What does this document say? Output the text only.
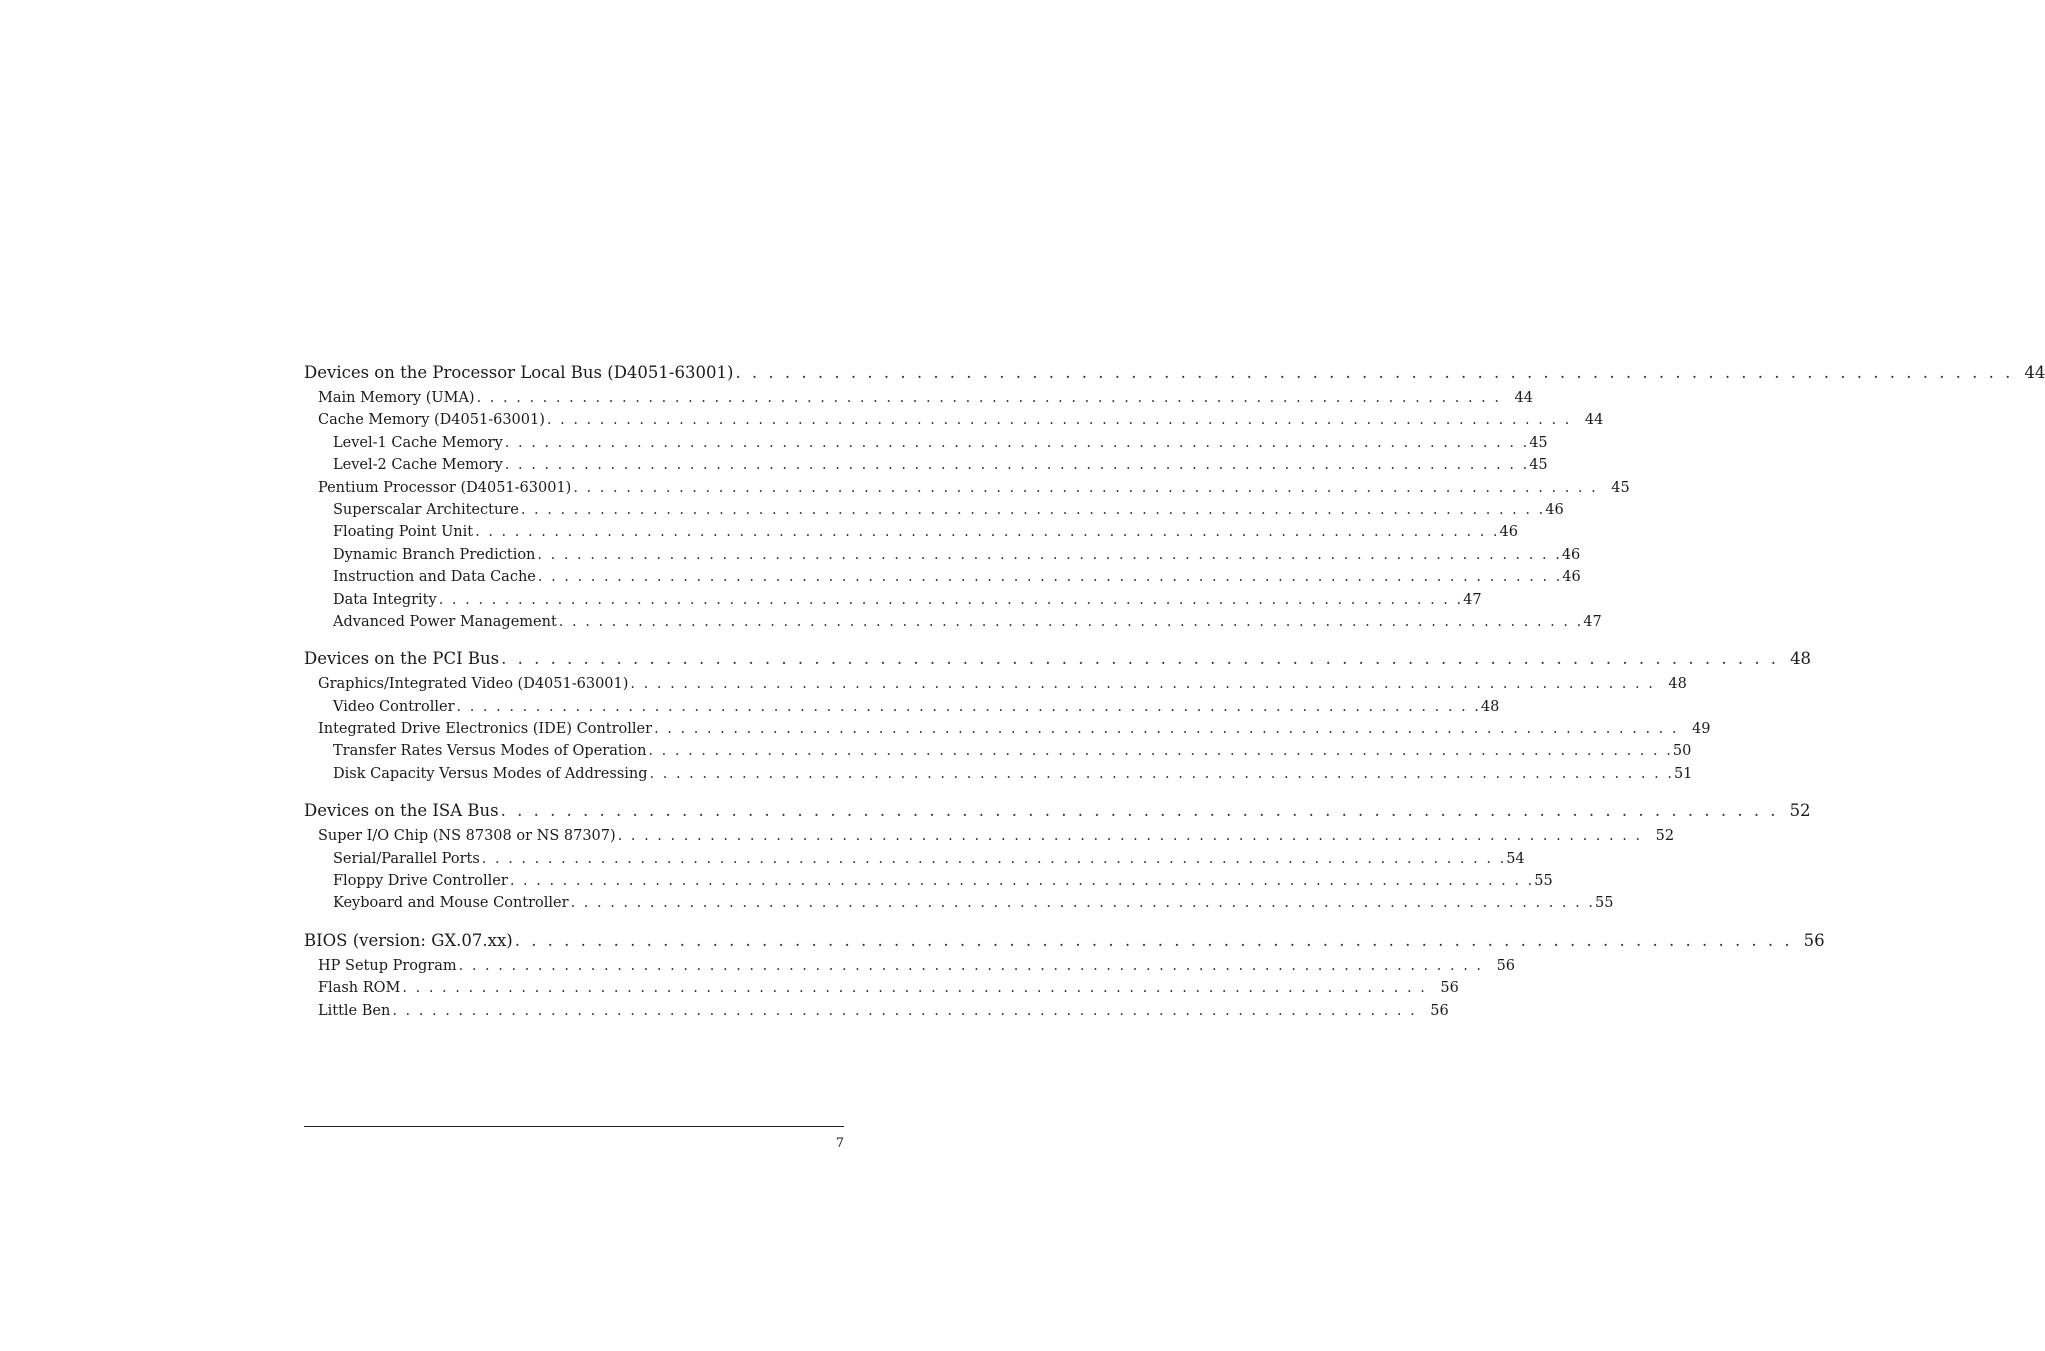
Devices on the Processor Local Bus (D4051-63001) . . . . . . . . . . . . . . . . . . . . . . . . . . . . . . . . . . . . . . . . . . . . . . . . . . . . . . . . . . . . . . . . . . . . . . . . . . . . . . 44
Main Memory (UMA) . . . . . . . . . . . . . . . . . . . . . . . . . . . . . . . . . . . . . . . . . . . . . . . . . . . . . . . . . . . . . . . . . . . . . . . . . . . . . . 44
Cache Memory (D4051-63001) . . . . . . . . . . . . . . . . . . . . . . . . . . . . . . . . . . . . . . . . . . . . . . . . . . . . . . . . . . . . . . . . . . . . . . . . . . . . . . 44
Level-1 Cache Memory . . . . . . . . . . . . . . . . . . . . . . . . . . . . . . . . . . . . . . . . . . . . . . . . . . . . . . . . . . . . . . . . . . . . . . . . . . . . . . 45
Level-2 Cache Memory . . . . . . . . . . . . . . . . . . . . . . . . . . . . . . . . . . . . . . . . . . . . . . . . . . . . . . . . . . . . . . . . . . . . . . . . . . . . . . 45
Pentium Processor (D4051-63001) . . . . . . . . . . . . . . . . . . . . . . . . . . . . . . . . . . . . . . . . . . . . . . . . . . . . . . . . . . . . . . . . . . . . . . . . . . . . . . 45
Superscalar Architecture . . . . . . . . . . . . . . . . . . . . . . . . . . . . . . . . . . . . . . . . . . . . . . . . . . . . . . . . . . . . . . . . . . . . . . . . . . . . . . 46
Floating Point Unit . . . . . . . . . . . . . . . . . . . . . . . . . . . . . . . . . . . . . . . . . . . . . . . . . . . . . . . . . . . . . . . . . . . . . . . . . . . . . . 46
Dynamic Branch Prediction . . . . . . . . . . . . . . . . . . . . . . . . . . . . . . . . . . . . . . . . . . . . . . . . . . . . . . . . . . . . . . . . . . . . . . . . . . . . . . 46
Instruction and Data Cache . . . . . . . . . . . . . . . . . . . . . . . . . . . . . . . . . . . . . . . . . . . . . . . . . . . . . . . . . . . . . . . . . . . . . . . . . . . . . . 46
Data Integrity . . . . . . . . . . . . . . . . . . . . . . . . . . . . . . . . . . . . . . . . . . . . . . . . . . . . . . . . . . . . . . . . . . . . . . . . . . . . . . 47
Advanced Power Management . . . . . . . . . . . . . . . . . . . . . . . . . . . . . . . . . . . . . . . . . . . . . . . . . . . . . . . . . . . . . . . . . . . . . . . . . . . . . . 47
Devices on the PCI Bus . . . . . . . . . . . . . . . . . . . . . . . . . . . . . . . . . . . . . . . . . . . . . . . . . . . . . . . . . . . . . . . . . . . . . . . . . . . . . . 48
Graphics/Integrated Video (D4051-63001) . . . . . . . . . . . . . . . . . . . . . . . . . . . . . . . . . . . . . . . . . . . . . . . . . . . . . . . . . . . . . . . . . . . . . . . . . . . . . . 48
Video Controller . . . . . . . . . . . . . . . . . . . . . . . . . . . . . . . . . . . . . . . . . . . . . . . . . . . . . . . . . . . . . . . . . . . . . . . . . . . . . . 48
Integrated Drive Electronics (IDE) Controller . . . . . . . . . . . . . . . . . . . . . . . . . . . . . . . . . . . . . . . . . . . . . . . . . . . . . . . . . . . . . . . . . . . . . . . . . . . . . . 49
Transfer Rates Versus Modes of Operation . . . . . . . . . . . . . . . . . . . . . . . . . . . . . . . . . . . . . . . . . . . . . . . . . . . . . . . . . . . . . . . . . . . . . . . . . . . . . . 50
Disk Capacity Versus Modes of Addressing . . . . . . . . . . . . . . . . . . . . . . . . . . . . . . . . . . . . . . . . . . . . . . . . . . . . . . . . . . . . . . . . . . . . . . . . . . . . . . 51
Devices on the ISA Bus . . . . . . . . . . . . . . . . . . . . . . . . . . . . . . . . . . . . . . . . . . . . . . . . . . . . . . . . . . . . . . . . . . . . . . . . . . . . . . 52
Super I/O Chip (NS 87308 or NS 87307) . . . . . . . . . . . . . . . . . . . . . . . . . . . . . . . . . . . . . . . . . . . . . . . . . . . . . . . . . . . . . . . . . . . . . . . . . . . . . . 52
Serial/Parallel Ports . . . . . . . . . . . . . . . . . . . . . . . . . . . . . . . . . . . . . . . . . . . . . . . . . . . . . . . . . . . . . . . . . . . . . . . . . . . . . . 54
Floppy Drive Controller . . . . . . . . . . . . . . . . . . . . . . . . . . . . . . . . . . . . . . . . . . . . . . . . . . . . . . . . . . . . . . . . . . . . . . . . . . . . . . 55
Keyboard and Mouse Controller . . . . . . . . . . . . . . . . . . . . . . . . . . . . . . . . . . . . . . . . . . . . . . . . . . . . . . . . . . . . . . . . . . . . . . . . . . . . . . 55
BIOS (version: GX.07.xx) . . . . . . . . . . . . . . . . . . . . . . . . . . . . . . . . . . . . . . . . . . . . . . . . . . . . . . . . . . . . . . . . . . . . . . . . . . . . . . 56
HP Setup Program . . . . . . . . . . . . . . . . . . . . . . . . . . . . . . . . . . . . . . . . . . . . . . . . . . . . . . . . . . . . . . . . . . . . . . . . . . . . . . 56
Flash ROM . . . . . . . . . . . . . . . . . . . . . . . . . . . . . . . . . . . . . . . . . . . . . . . . . . . . . . . . . . . . . . . . . . . . . . . . . . . . . . 56
Little Ben . . . . . . . . . . . . . . . . . . . . . . . . . . . . . . . . . . . . . . . . . . . . . . . . . . . . . . . . . . . . . . . . . . . . . . . . . . . . . . 56
7
